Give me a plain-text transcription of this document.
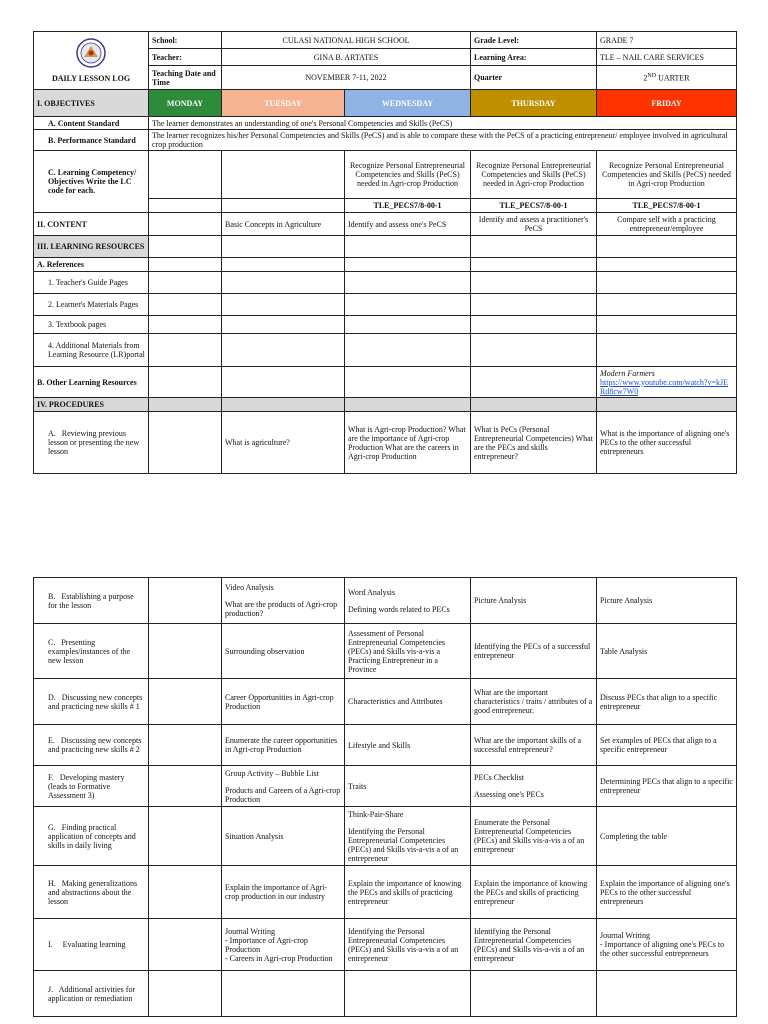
DAILY LESSON LOG	School:	CULASI NATIONAL HIGH SCHOOL		Grade Level:	GRADE 7
	Teacher:	GINA B. ARTATES		Learning Area:	TLE – NAIL CARE SERVICES
	Teaching Date and Time	NOVEMBER 7-11, 2022		Quarter	2ND UARTER
I. OBJECTIVES	MONDAY	TUESDAY	WEDNESDAY	THURSDAY	FRIDAY
A. Content Standard	The learner demonstrates an understanding of one's Personal Competencies and Skills (PeCS)				
B. Performance Standard	The learner recognizes his/her Personal Competencies and Skills (PeCS) and is able to compare these with the PeCS of a practicing entrepreneur/ employee involved in agricultural crop production				
C. Learning Competency/ Objectives Write the LC code for each.			Recognize Personal Entrepreneurial Competencies and Skills (PeCS) needed in Agri-crop Production	Recognize Personal Entrepreneurial Competencies and Skills (PeCS) needed in Agri-crop Production	Recognize Personal Entrepreneurial Competencies and Skills (PeCS) needed in Agri-crop Production
			TLE_PECS7/8-00-1	TLE_PECS7/8-00-1	TLE_PECS7/8-00-1
II. CONTENT		Basic Concepts in Agriculture	Identify and assess one's PeCS	Identify and assess a practitioner's PeCS	Compare self with a practicing entrepreneur/employee
III. LEARNING RESOURCES					
A. References					
1. Teacher's Guide Pages					
2. Learner's Materials Pages					
3. Textbook pages					
4. Additional Materials from Learning Resource (LR)portal					
B. Other Learning Resources					Modern Farmers
https://www.youtube.com/watch?v=kJERd8cw7W0
IV. PROCEDURES					
A. Reviewing previous lesson or presenting the new lesson		What is agriculture?	What is Agri-crop Production? What are the importance of Agri-crop Production What are the careers in Agri-crop Production	What is PeCs (Personal Entrepreneurial Competencies) What are the PECs and skills entrepreneur?	What is the importance of aligning one's PECs to the other successful entrepreneurs
B. Establishing a purpose for the lesson		Video Analysis
What are the products of Agri-crop production?	Word Analysis
Defining words related to PECs	Picture Analysis	Picture Analysis
C. Presenting examples/instances of the new lesson		Surrounding observation	Assessment of Personal Entrepreneurial Competencies (PECs) and Skills vis-a-vis a Practicing Entrepreneur in a Province	Identifying the PECs of a successful entrepreneur	Table Analysis
D. Discussing new concepts and practicing new skills # 1		Career Opportunities in Agri-crop Production	Characteristics and Attributes	What are the important characteristics / traits / attributes of a good entrepreneur.	Discuss PECs that align to a specific entrepreneur
E. Discussing new concepts and practicing new skills # 2		Enumerate the career opportunities in Agri-crop Production	Lifestyle and Skills	What are the important skills of a successful entrepreneur?	Set examples of PECs that align to a specific entrepreneur
F. Developing mastery (leads to Formative Assessment 3)		Group Activity – Bubble List
Products and Careers of a Agri-crop Production	Traits	PECs Checklist
Assessing one's PECs	Determining PECs that align to a specific entrepreneur
G. Finding practical application of concepts and skills in daily living		Situation Analysis	Think-Pair-Share
Identifying the Personal Entrepreneurial Competencies (PECs) and Skills vis-a-vis a of an entrepreneur	Enumerate the Personal Entrepreneurial Competencies (PECs) and Skills vis-a-vis a of an entrepreneur	Completing the table
H. Making generalizations and abstractions about the lesson		Explain the importance of Agri-crop production in our industry	Explain the importance of knowing the PECs and skills of practicing entrepreneur	Explain the importance of knowing the PECs and skills of practicing entrepreneur	Explain the importance of aligning one's PECs to the other successful entrepreneurs
I. Evaluating learning		Journal Writing
- Importance of Agri-crop Production
- Careers in Agri-crop Production	Identifying the Personal Entrepreneurial Competencies (PECs) and Skills vis-a-vis a of an entrepreneur	Identifying the Personal Entrepreneurial Competencies (PECs) and Skills vis-a-vis a of an entrepreneur	Journal Writing
- Importance of aligning one's PECs to the other successful entrepreneurs
J. Additional activities for application or remediation					
